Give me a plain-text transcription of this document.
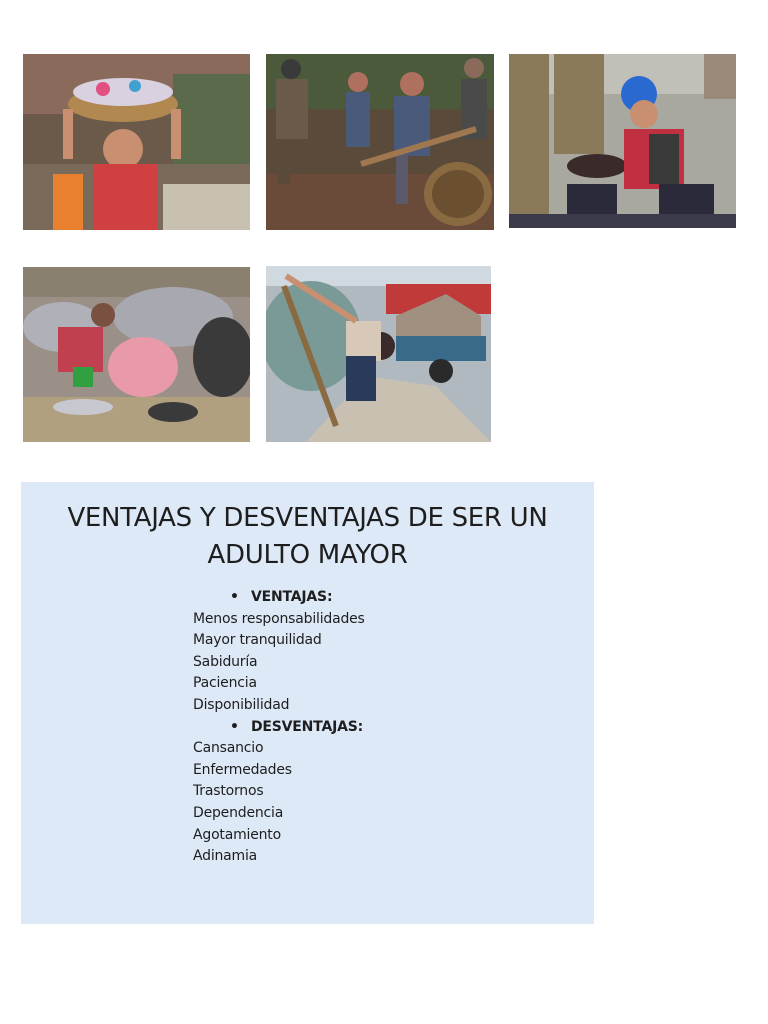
VENTAJAS Y DESVENTAJAS DE SER UN
ADULTO MAYOR
• VENTAJAS:
Menos responsabilidades
Mayor tranquilidad
Sabiduría
Paciencia
Disponibilidad
• DESVENTAJAS:
Cansancio
Enfermedades
Trastornos
Dependencia
Agotamiento
Adinamia
